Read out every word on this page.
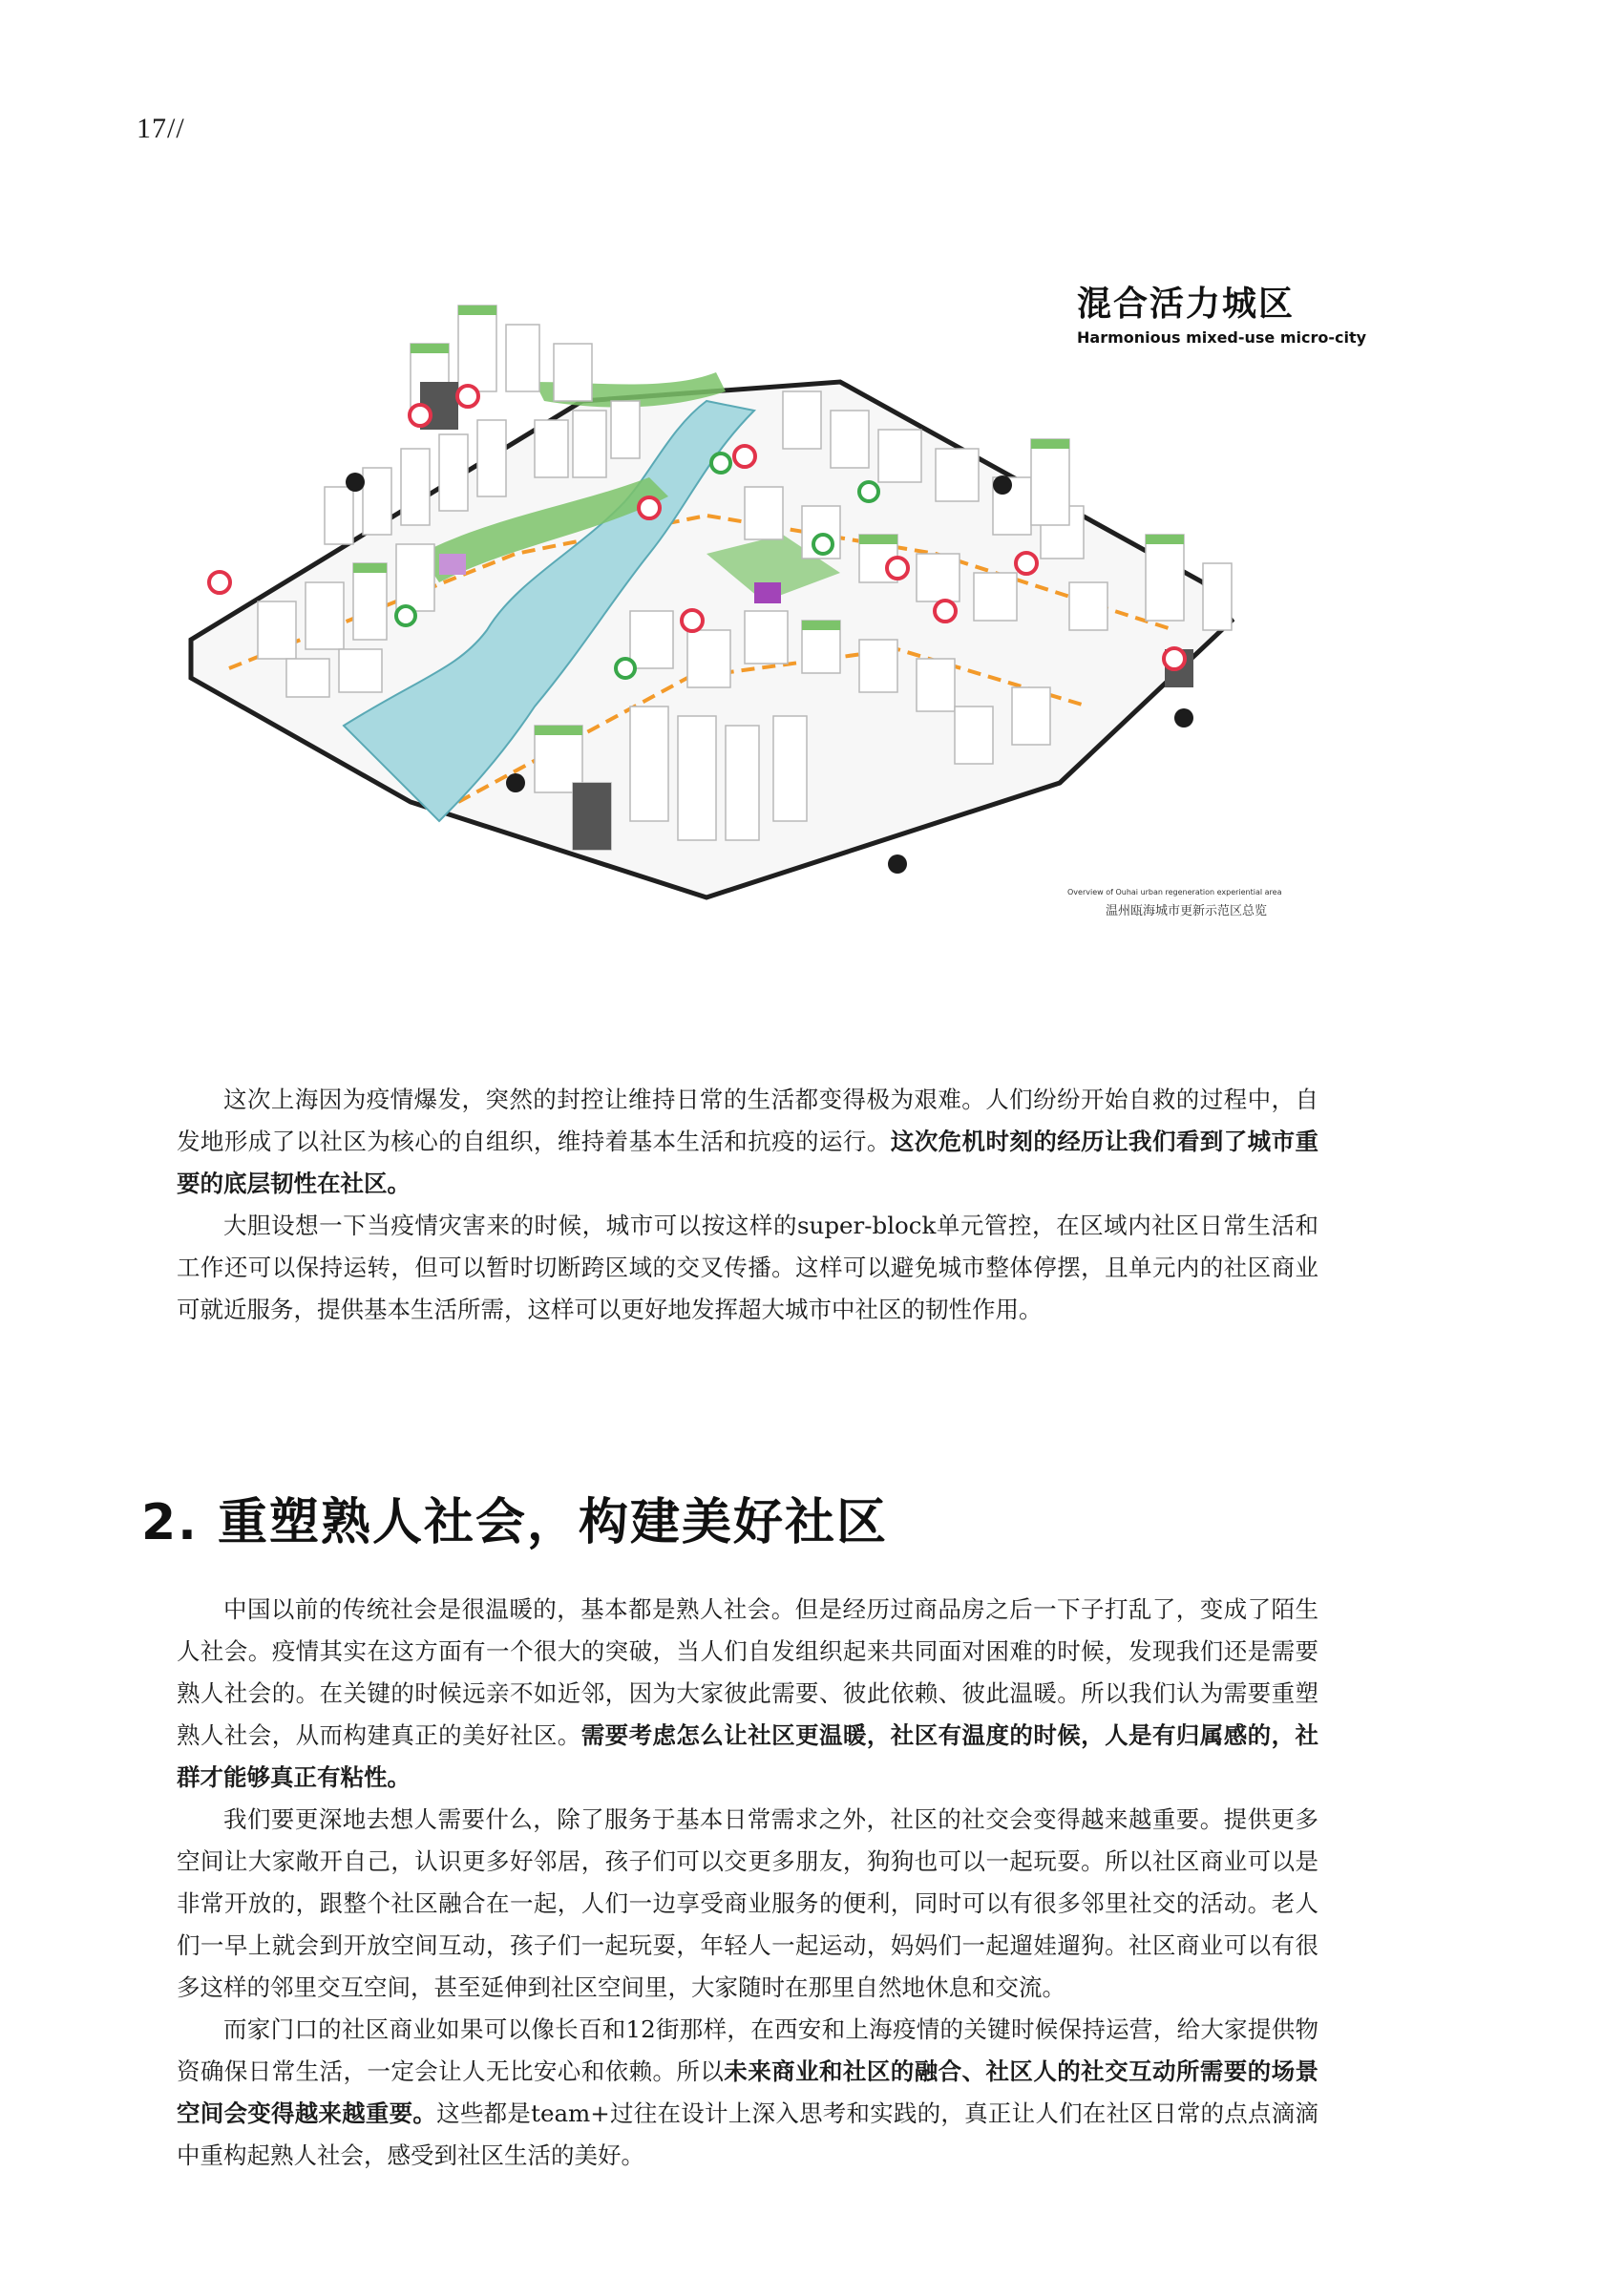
17//
混合活力城区
Harmonious mixed-use micro-city
Overview of Ouhai urban regeneration experiential area
温州瓯海城市更新示范区总览

这次上海因为疫情爆发，突然的封控让维持日常的生活都变得极为艰难。人们纷纷开始自救的过程中，自发地形成了以社区为核心的自组织，维持着基本生活和抗疫的运行。这次危机时刻的经历让我们看到了城市重要的底层韧性在社区。

大胆设想一下当疫情灾害来的时候，城市可以按这样的super-block单元管控，在区域内社区日常生活和工作还可以保持运转，但可以暂时切断跨区域的交叉传播。这样可以避免城市整体停摆，且单元内的社区商业可就近服务，提供基本生活所需，这样可以更好地发挥超大城市中社区的韧性作用。

2. 重塑熟人社会，构建美好社区

中国以前的传统社会是很温暖的，基本都是熟人社会。但是经历过商品房之后一下子打乱了，变成了陌生人社会。疫情其实在这方面有一个很大的突破，当人们自发组织起来共同面对困难的时候，发现我们还是需要熟人社会的。在关键的时候远亲不如近邻，因为大家彼此需要、彼此依赖、彼此温暖。所以我们认为需要重塑熟人社会，从而构建真正的美好社区。需要考虑怎么让社区更温暖，社区有温度的时候，人是有归属感的，社群才能够真正有粘性。

我们要更深地去想人需要什么，除了服务于基本日常需求之外，社区的社交会变得越来越重要。提供更多空间让大家敞开自己，认识更多好邻居，孩子们可以交更多朋友，狗狗也可以一起玩耍。所以社区商业可以是非常开放的，跟整个社区融合在一起，人们一边享受商业服务的便利，同时可以有很多邻里社交的活动。老人们一早上就会到开放空间互动，孩子们一起玩耍，年轻人一起运动，妈妈们一起遛娃遛狗。社区商业可以有很多这样的邻里交互空间，甚至延伸到社区空间里，大家随时在那里自然地休息和交流。

而家门口的社区商业如果可以像长百和12街那样，在西安和上海疫情的关键时候保持运营，给大家提供物资确保日常生活，一定会让人无比安心和依赖。所以未来商业和社区的融合、社区人的社交互动所需要的场景空间会变得越来越重要。这些都是team+过往在设计上深入思考和实践的，真正让人们在社区日常的点点滴滴中重构起熟人社会，感受到社区生活的美好。
